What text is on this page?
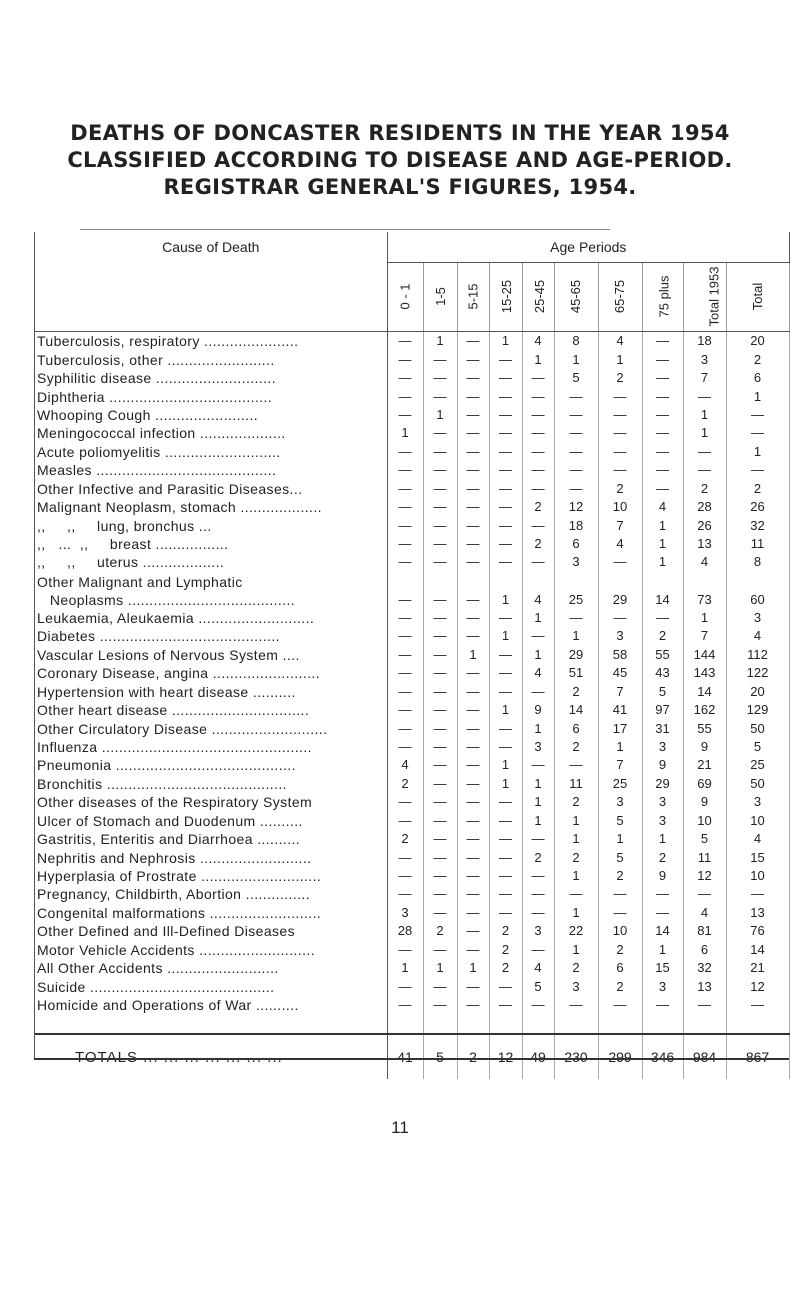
DEATHS OF DONCASTER RESIDENTS IN THE YEAR 1954
CLASSIFIED ACCORDING TO DISEASE AND AGE-PERIOD.
REGISTRAR GENERAL'S FIGURES, 1954.
Cause of Death	Age Periods									
	0 - 1	1-5	5-15	15-25	25-45	45-65	65-75	75 plus	Total 1953	Total
Tuberculosis, respiratory ......................	—	1	—	1	4	8	4	—	18	20
Tuberculosis, other .........................	—	—	—	—	1	1	1	—	3	2
Syphilitic disease ............................	—	—	—	—	—	5	2	—	7	6
Diphtheria ......................................	—	—	—	—	—	—	—	—	—	1
Whooping Cough ........................	—	1	—	—	—	—	—	—	1	—
Meningococcal infection ....................	1	—	—	—	—	—	—	—	1	—
Acute poliomyelitis ...........................	—	—	—	—	—	—	—	—	—	1
Measles ..........................................	—	—	—	—	—	—	—	—	—	—
Other Infective and Parasitic Diseases...	—	—	—	—	—	—	2	—	2	2
Malignant Neoplasm, stomach ...................	—	—	—	—	2	12	10	4	28	26
,,     ,,     lung, bronchus ...	—	—	—	—	—	18	7	1	26	32
,,   ...  ,,     breast .................	—	—	—	—	2	6	4	1	13	11
,,     ,,     uterus ...................	—	—	—	—	—	3	—	1	4	8

Other Malignant and Lymphatic
Neoplasms .......................................	—	—	—	1	4	25	29	14	73	60
Leukaemia, Aleukaemia ...........................	—	—	—	—	1	—	—	—	1	3
Diabetes ..........................................	—	—	—	1	—	1	3	2	7	4
Vascular Lesions of Nervous System ....	—	—	1	—	1	29	58	55	144	112
Coronary Disease, angina .........................	—	—	—	—	4	51	45	43	143	122
Hypertension with heart disease ..........	—	—	—	—	—	2	7	5	14	20
Other heart disease ................................	—	—	—	1	9	14	41	97	162	129
Other Circulatory Disease ...........................	—	—	—	—	1	6	17	31	55	50
Influenza .................................................	—	—	—	—	3	2	1	3	9	5
Pneumonia ..........................................	4	—	—	1	—	—	7	9	21	25
Bronchitis ..........................................	2	—	—	1	1	11	25	29	69	50
Other diseases of the Respiratory System	—	—	—	—	1	2	3	3	9	3
Ulcer of Stomach and Duodenum ..........	—	—	—	—	1	1	5	3	10	10
Gastritis, Enteritis and Diarrhoea ..........	2	—	—	—	—	1	1	1	5	4
Nephritis and Nephrosis ..........................	—	—	—	—	2	2	5	2	11	15
Hyperplasia of Prostrate ............................	—	—	—	—	—	1	2	9	12	10
Pregnancy, Childbirth, Abortion ...............	—	—	—	—	—	—	—	—	—	—
Congenital malformations ..........................	3	—	—	—	—	1	—	—	4	13
Other Defined and Ill-Defined Diseases	28	2	—	2	3	22	10	14	81	76
Motor Vehicle Accidents ...........................	—	—	—	2	—	1	2	1	6	14
All Other Accidents ..........................	1	1	1	2	4	2	6	15	32	21
Suicide ...........................................	—	—	—	—	5	3	2	3	13	12
Homicide and Operations of War ..........	—	—	—	—	—	—	—	—	—	—

TOTALS ... ... ... ... ... ... ...	41	5	2	12	49	230	299	346	984	867
11
